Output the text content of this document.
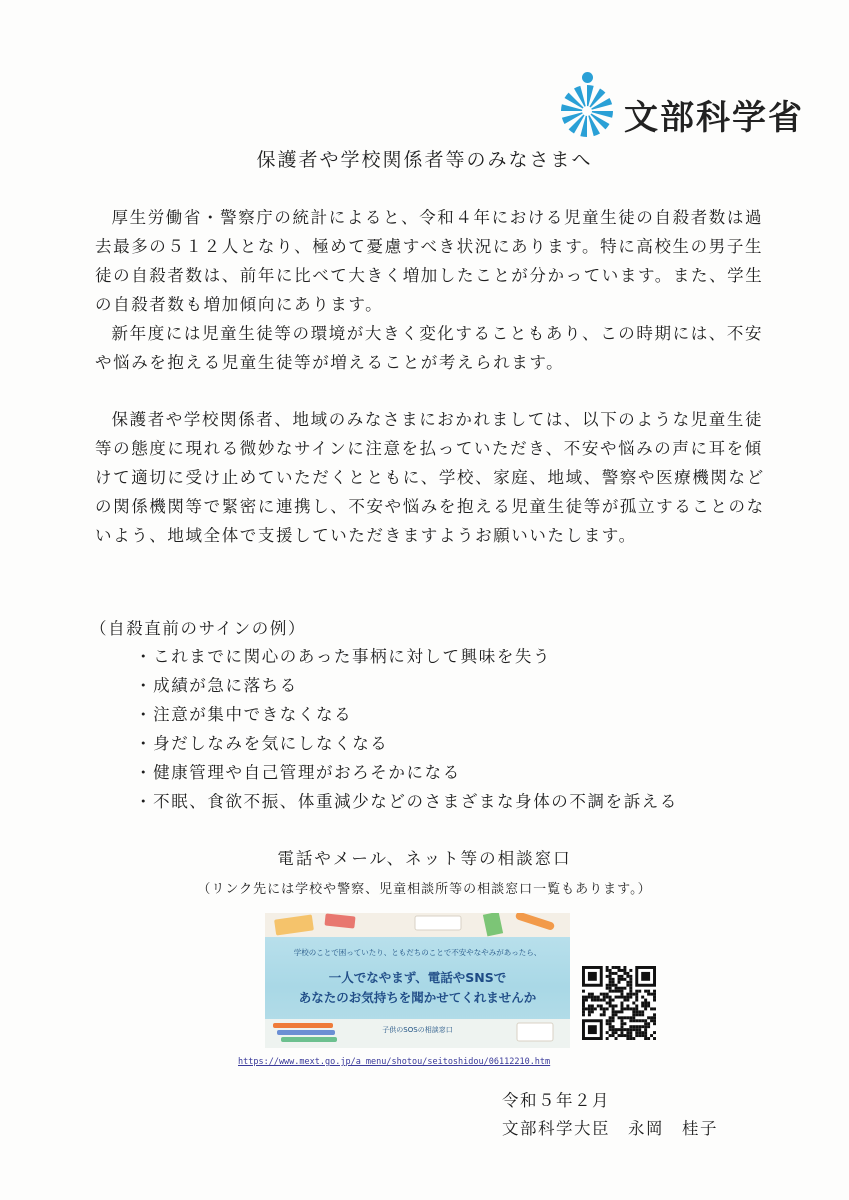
文部科学省
保護者や学校関係者等のみなさまへ

厚生労働省・警察庁の統計によると、令和４年における児童生徒の自殺者数は過去最多の５１２人となり、極めて憂慮すべき状況にあります。特に高校生の男子生徒の自殺者数は、前年に比べて大きく増加したことが分かっています。また、学生の自殺者数も増加傾向にあります。

新年度には児童生徒等の環境が大きく変化することもあり、この時期には、不安や悩みを抱える児童生徒等が増えることが考えられます。

保護者や学校関係者、地域のみなさまにおかれましては、以下のような児童生徒等の態度に現れる微妙なサインに注意を払っていただき、不安や悩みの声に耳を傾けて適切に受け止めていただくとともに、学校、家庭、地域、警察や医療機関などの関係機関等で緊密に連携し、不安や悩みを抱える児童生徒等が孤立することのないよう、地域全体で支援していただきますようお願いいたします。

（自殺直前のサインの例）
・これまでに関心のあった事柄に対して興味を失う
・成績が急に落ちる
・注意が集中できなくなる
・身だしなみを気にしなくなる
・健康管理や自己管理がおろそかになる
・不眠、食欲不振、体重減少などのさまざまな身体の不調を訴える
電話やメール、ネット等の相談窓口
（リンク先には学校や警察、児童相談所等の相談窓口一覧もあります。）
学校のことで困っていたり、ともだちのことで不安やなやみがあったら、
一人でなやまず、電話やSNSで
あなたのお気持ちを聞かせてくれませんか
子供のSOSの相談窓口
https://www.mext.go.jp/a_menu/shotou/seitoshidou/06112210.htm
令和５年２月
文部科学大臣　永岡　桂子
